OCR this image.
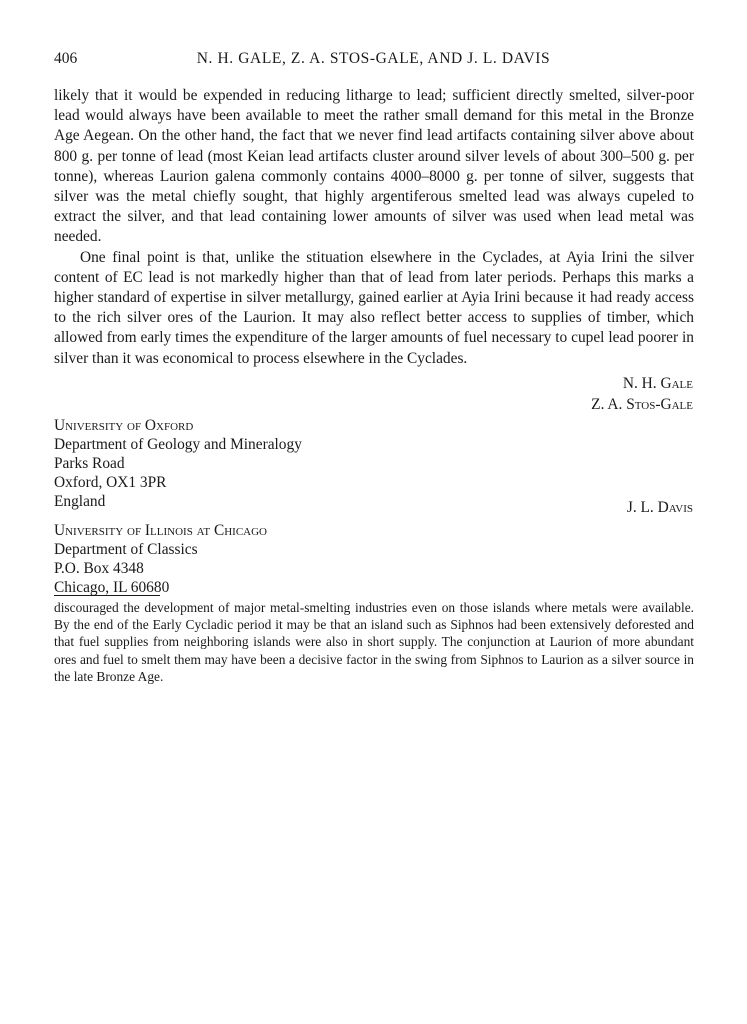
406	N. H. GALE, Z. A. STOS-GALE, AND J. L. DAVIS

likely that it would be expended in reducing litharge to lead; sufficient directly smelted, silver-poor lead would always have been available to meet the rather small demand for this metal in the Bronze Age Aegean. On the other hand, the fact that we never find lead artifacts containing silver above about 800 g. per tonne of lead (most Keian lead artifacts cluster around silver levels of about 300–500 g. per tonne), whereas Laurion galena commonly contains 4000–8000 g. per tonne of silver, suggests that silver was the metal chiefly sought, that highly argentiferous smelted lead was always cupeled to extract the silver, and that lead containing lower amounts of silver was used when lead metal was needed.

One final point is that, unlike the stituation elsewhere in the Cyclades, at Ayia Irini the silver content of EC lead is not markedly higher than that of lead from later periods. Perhaps this marks a higher standard of expertise in silver metallurgy, gained earlier at Ayia Irini because it had ready access to the rich silver ores of the Laurion. It may also reflect better access to supplies of timber, which allowed from early times the expenditure of the larger amounts of fuel necessary to cupel lead poorer in silver than it was economical to process elsewhere in the Cyclades.

N. H. Gale
Z. A. Stos-Gale
University of Oxford
Department of Geology and Mineralogy
Parks Road
Oxford, OX1 3PR
England	J. L. Davis
University of Illinois at Chicago
Department of Classics
P.O. Box 4348
Chicago, IL 60680

discouraged the development of major metal-smelting industries even on those islands where metals were available. By the end of the Early Cycladic period it may be that an island such as Siphnos had been extensively deforested and that fuel supplies from neighboring islands were also in short supply. The conjunction at Laurion of more abundant ores and fuel to smelt them may have been a decisive factor in the swing from Siphnos to Laurion as a silver source in the late Bronze Age.
